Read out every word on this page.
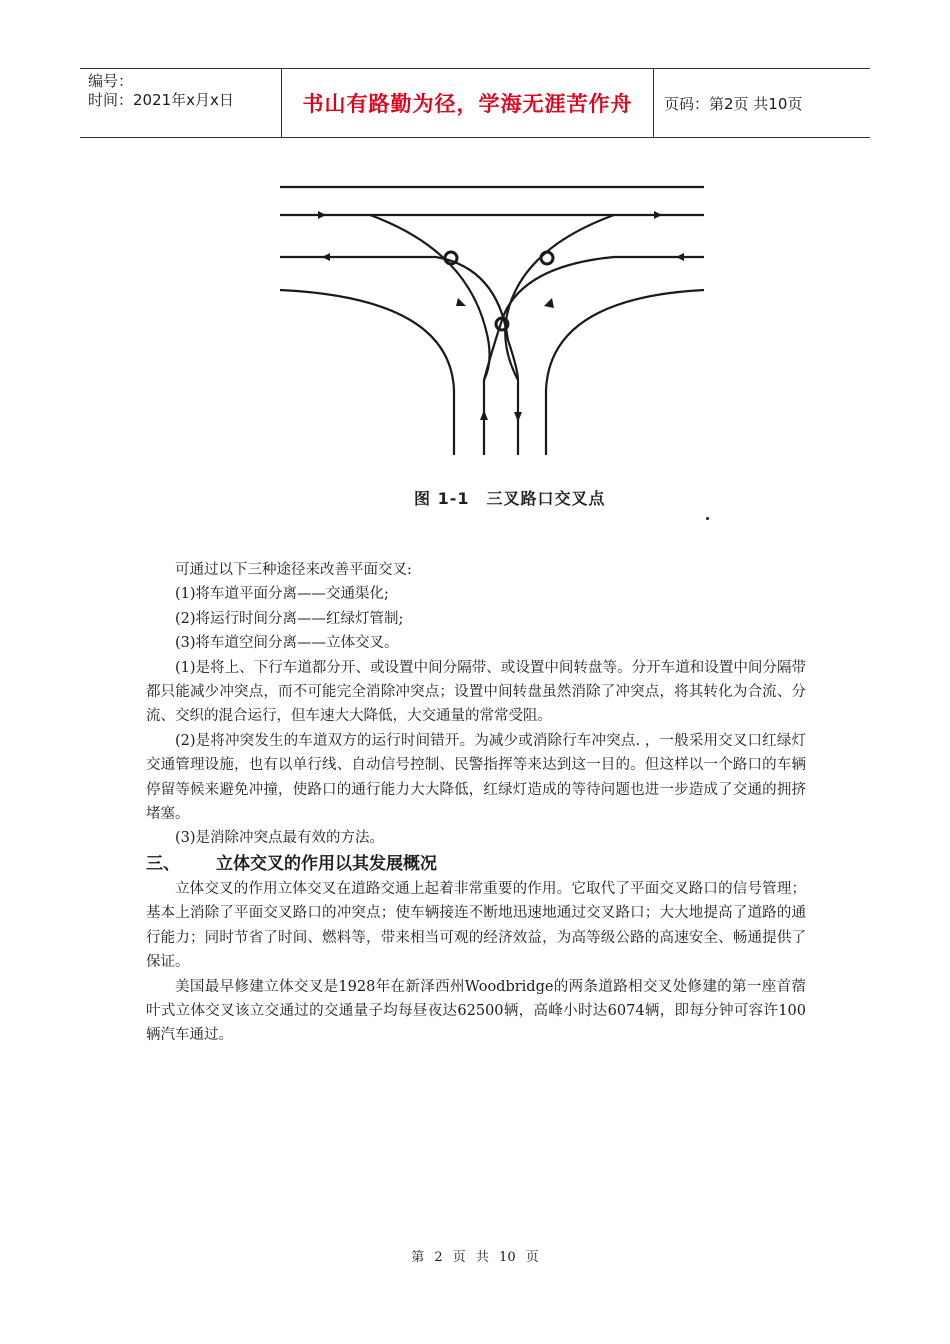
编号：
时间：2021年x月x日	书山有路勤为径，学海无涯苦作舟	页码：第2页 共10页
图 1-1　三叉路口交叉点

可通过以下三种途径来改善平面交叉:

(1)将车道平面分离——交通渠化;

(2)将运行时间分离——红绿灯管制;

(3)将车道空间分离——立体交叉。

(1)是将上、下行车道都分开、或设置中间分隔带、或设置中间转盘等。分开车道和设置中间分隔带都只能减少冲突点，而不可能完全消除冲突点；设置中间转盘虽然消除了冲突点，将其转化为合流、分流、交织的混合运行，但车速大大降低，大交通量的常常受阻。

(2)是将冲突发生的车道双方的运行时间错开。为减少或消除行车冲突点. ，一般采用交叉口红绿灯交通管理设施，也有以单行线、自动信号控制、民警指挥等来达到这一目的。但这样以一个路口的车辆停留等候来避免冲撞，使路口的通行能力大大降低，红绿灯造成的等待问题也进一步造成了交通的拥挤堵塞。

(3)是消除冲突点最有效的方法。

三、 立体交叉的作用以其发展概况

立体交叉的作用立体交叉在道路交通上起着非常重要的作用。它取代了平面交叉路口的信号管理；基本上消除了平面交叉路口的冲突点；使车辆接连不断地迅速地通过交叉路口；大大地提高了道路的通行能力；同时节省了时间、燃料等，带来相当可观的经济效益，为高等级公路的高速安全、畅通提供了保证。

美国最早修建立体交叉是1928年在新泽西州Woodbridge的两条道路相交叉处修建的第一座首蓿叶式立体交叉该立交通过的交通量子均每昼夜达62500辆，高峰小时达6074辆，即每分钟可容许100辆汽车通过。

第 2 页 共 10 页
